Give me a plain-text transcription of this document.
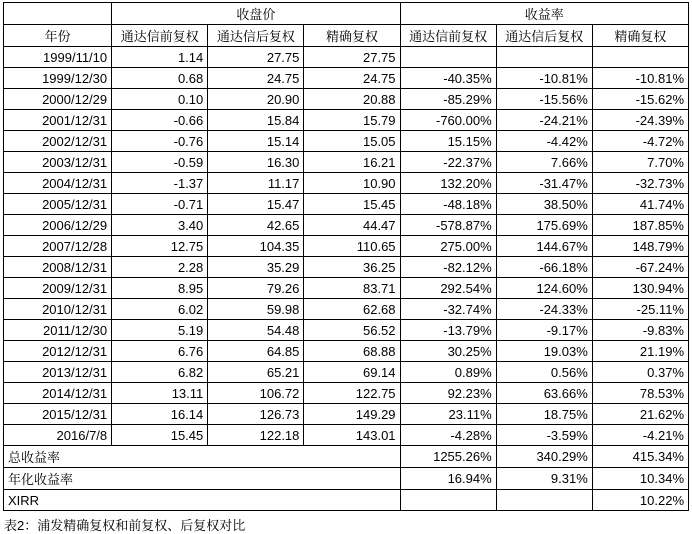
	收盘价			收益率		
年份	通达信前复权	通达信后复权	精确复权	通达信前复权	通达信后复权	精确复权
1999/11/10	1.14	27.75	27.75			
1999/12/30	0.68	24.75	24.75	-40.35%	-10.81%	-10.81%
2000/12/29	0.10	20.90	20.88	-85.29%	-15.56%	-15.62%
2001/12/31	-0.66	15.84	15.79	-760.00%	-24.21%	-24.39%
2002/12/31	-0.76	15.14	15.05	15.15%	-4.42%	-4.72%
2003/12/31	-0.59	16.30	16.21	-22.37%	7.66%	7.70%
2004/12/31	-1.37	11.17	10.90	132.20%	-31.47%	-32.73%
2005/12/31	-0.71	15.47	15.45	-48.18%	38.50%	41.74%
2006/12/29	3.40	42.65	44.47	-578.87%	175.69%	187.85%
2007/12/28	12.75	104.35	110.65	275.00%	144.67%	148.79%
2008/12/31	2.28	35.29	36.25	-82.12%	-66.18%	-67.24%
2009/12/31	8.95	79.26	83.71	292.54%	124.60%	130.94%
2010/12/31	6.02	59.98	62.68	-32.74%	-24.33%	-25.11%
2011/12/30	5.19	54.48	56.52	-13.79%	-9.17%	-9.83%
2012/12/31	6.76	64.85	68.88	30.25%	19.03%	21.19%
2013/12/31	6.82	65.21	69.14	0.89%	0.56%	0.37%
2014/12/31	13.11	106.72	122.75	92.23%	63.66%	78.53%
2015/12/31	16.14	126.73	149.29	23.11%	18.75%	21.62%
2016/7/8	15.45	122.18	143.01	-4.28%	-3.59%	-4.21%
总收益率				1255.26%	340.29%	415.34%
年化收益率				16.94%	9.31%	10.34%
XIRR						10.22%
表2：浦发精确复权和前复权、后复权对比
